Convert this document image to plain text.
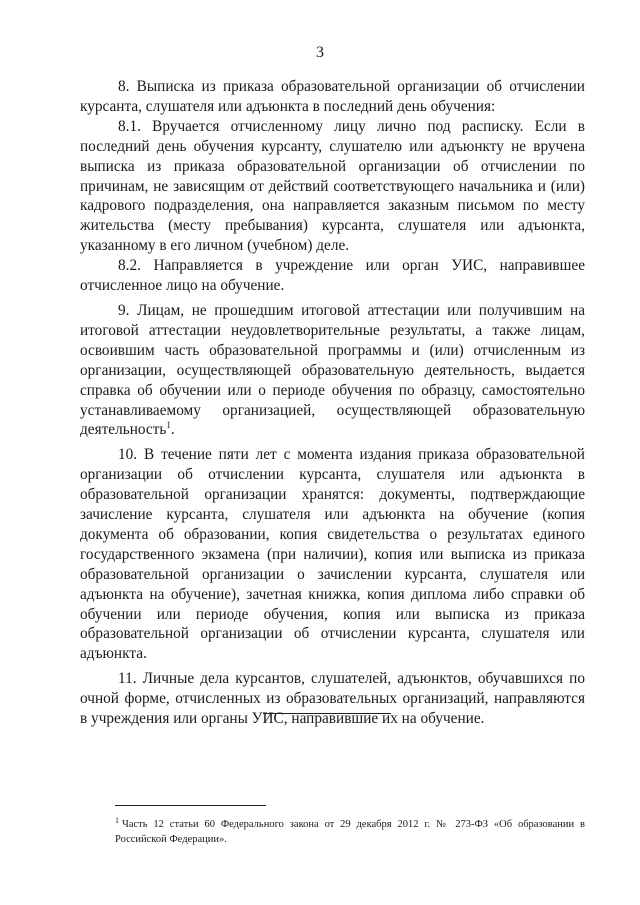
3

8. Выписка из приказа образовательной организации об отчислении курсанта, слушателя или адъюнкта в последний день обучения:

8.1. Вручается отчисленному лицу лично под расписку. Если в последний день обучения курсанту, слушателю или адъюнкту не вручена выписка из приказа образовательной организации об отчислении по причинам, не зависящим от действий соответствующего начальника и (или) кадрового подразделения, она направляется заказным письмом по месту жительства (месту пребывания) курсанта, слушателя или адъюнкта, указанному в его личном (учебном) деле.

8.2. Направляется в учреждение или орган УИС, направившее отчисленное лицо на обучение.

9. Лицам, не прошедшим итоговой аттестации или получившим на итоговой аттестации неудовлетворительные результаты, а также лицам, освоившим часть образовательной программы и (или) отчисленным из организации, осуществляющей образовательную деятельность, выдается справка об обучении или о периоде обучения по образцу, самостоятельно устанавливаемому организацией, осуществляющей образовательную деятельность$^1$.

10. В течение пяти лет с момента издания приказа образовательной организации об отчислении курсанта, слушателя или адъюнкта в образовательной организации хранятся: документы, подтверждающие зачисление курсанта, слушателя или адъюнкта на обучение (копия документа об образовании, копия свидетельства о результатах единого государственного экзамена (при наличии), копия или выписка из приказа образовательной организации о зачислении курсанта, слушателя или адъюнкта на обучение), зачетная книжка, копия диплома либо справки об обучении или периоде обучения, копия или выписка из приказа образовательной организации об отчислении курсанта, слушателя или адъюнкта.

11. Личные дела курсантов, слушателей, адъюнктов, обучавшихся по очной форме, отчисленных из образовательных организаций, направляются в учреждения или органы УИС, направившие их на обучение.

$^1$ Часть 12 статьи 60 Федерального закона от 29 декабря 2012 г. № 273-ФЗ «Об образовании в Российской Федерации».
